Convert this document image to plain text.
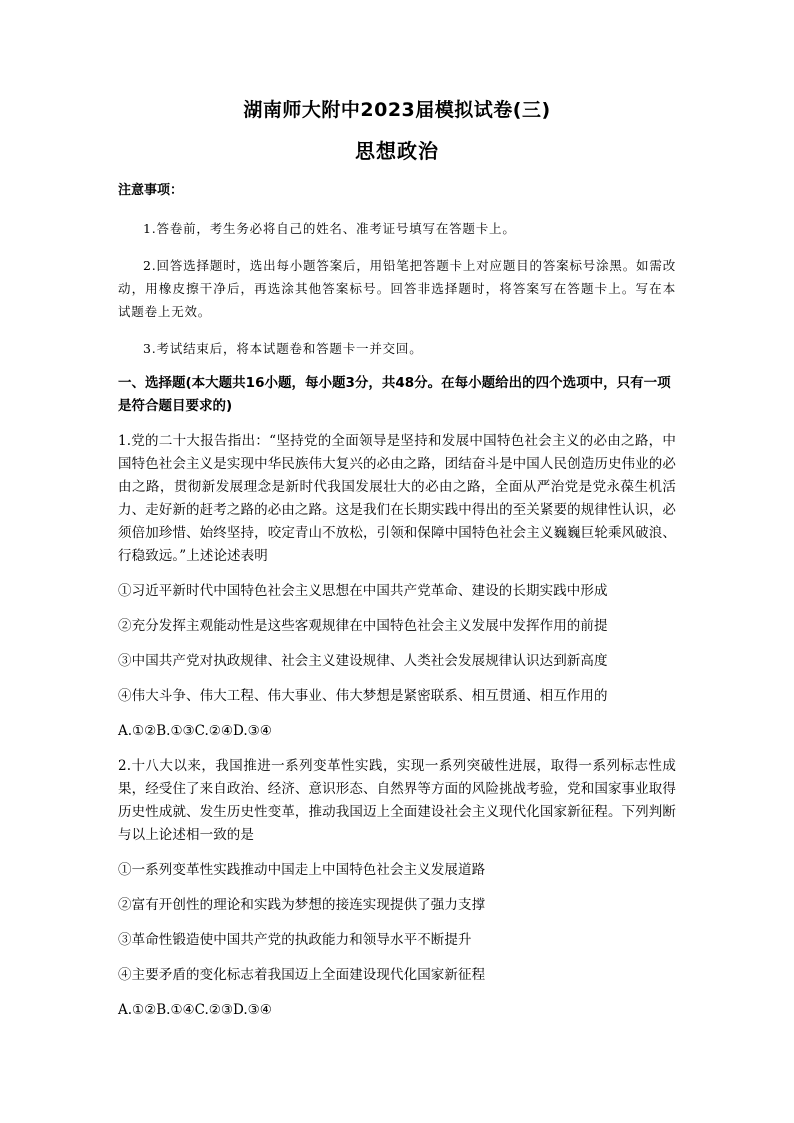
湖南师大附中2023届模拟试卷(三)
思想政治
注意事项：

1.答卷前，考生务必将自己的姓名、准考证号填写在答题卡上。

2.回答选择题时，选出每小题答案后，用铅笔把答题卡上对应题目的答案标号涂黑。如需改动，用橡皮擦干净后，再选涂其他答案标号。回答非选择题时，将答案写在答题卡上。写在本试题卷上无效。

3.考试结束后，将本试题卷和答题卡一并交回。

一、选择题(本大题共16小题，每小题3分，共48分。在每小题给出的四个选项中，只有一项是符合题目要求的)

1.党的二十大报告指出：“坚持党的全面领导是坚持和发展中国特色社会主义的必由之路，中国特色社会主义是实现中华民族伟大复兴的必由之路，团结奋斗是中国人民创造历史伟业的必由之路，贯彻新发展理念是新时代我国发展壮大的必由之路，全面从严治党是党永葆生机活力、走好新的赶考之路的必由之路。这是我们在长期实践中得出的至关紧要的规律性认识，必须倍加珍惜、始终坚持，咬定青山不放松，引领和保障中国特色社会主义巍巍巨轮乘风破浪、行稳致远。”上述论述表明

①习近平新时代中国特色社会主义思想在中国共产党革命、建设的长期实践中形成

②充分发挥主观能动性是这些客观规律在中国特色社会主义发展中发挥作用的前提

③中国共产党对执政规律、社会主义建设规律、人类社会发展规律认识达到新高度

④伟大斗争、伟大工程、伟大事业、伟大梦想是紧密联系、相互贯通、相互作用的

A.①②B.①③C.②④D.③④

2.十八大以来，我国推进一系列变革性实践，实现一系列突破性进展，取得一系列标志性成果，经受住了来自政治、经济、意识形态、自然界等方面的风险挑战考验，党和国家事业取得历史性成就、发生历史性变革，推动我国迈上全面建设社会主义现代化国家新征程。下列判断与以上论述相一致的是

①一系列变革性实践推动中国走上中国特色社会主义发展道路

②富有开创性的理论和实践为梦想的接连实现提供了强力支撑

③革命性锻造使中国共产党的执政能力和领导水平不断提升

④主要矛盾的变化标志着我国迈上全面建设现代化国家新征程

A.①②B.①④C.②③D.③④
